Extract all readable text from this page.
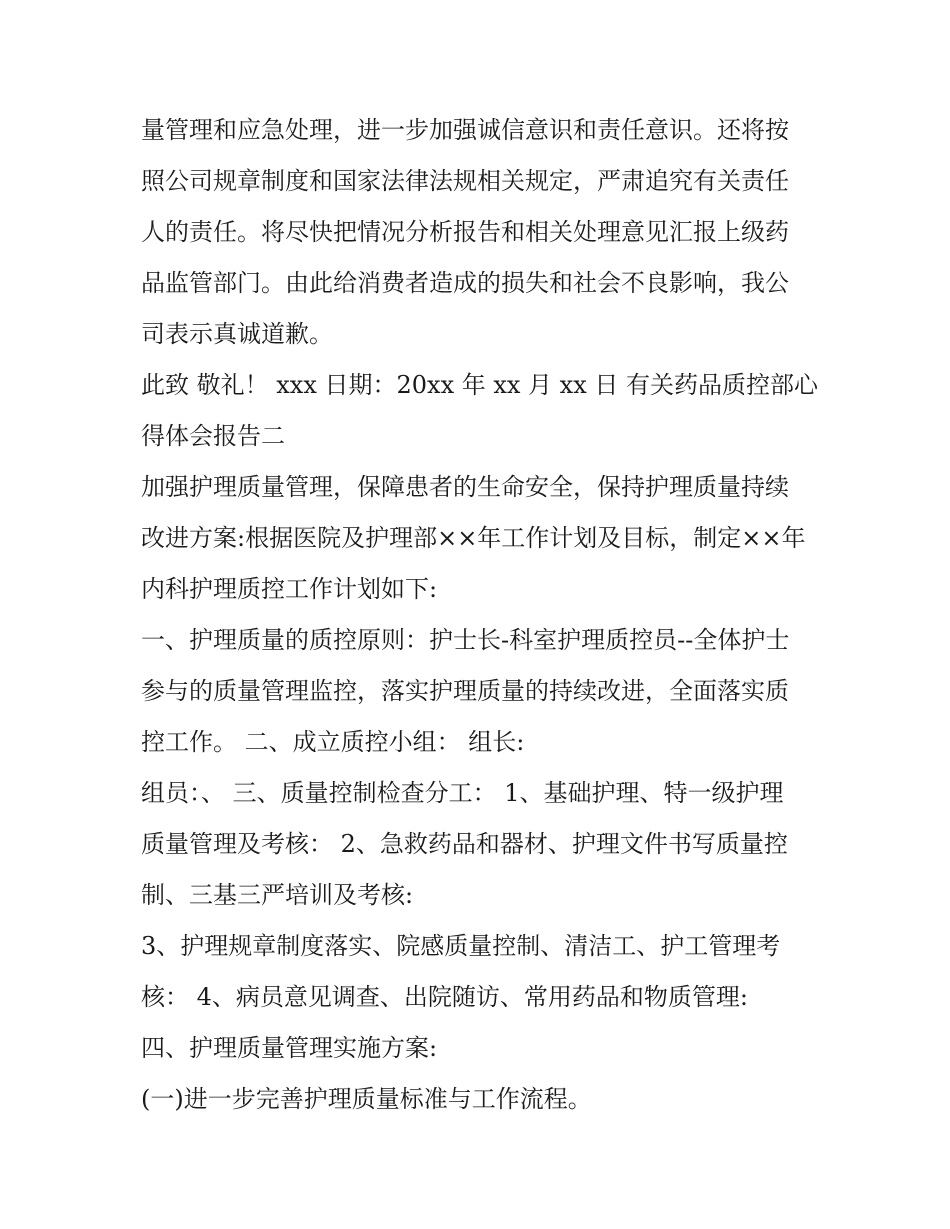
量管理和应急处理，进一步加强诚信意识和责任意识。还将按
照公司规章制度和国家法律法规相关规定，严肃追究有关责任
人的责任。将尽快把情况分析报告和相关处理意见汇报上级药
品监管部门。由此给消费者造成的损失和社会不良影响，我公
司表示真诚道歉。

此致 敬礼！ xxx 日期：20xx 年 xx 月 xx 日 有关药品质控部心
得体会报告二

加强护理质量管理，保障患者的生命安全，保持护理质量持续
改进方案:根据医院及护理部××年工作计划及目标，制定××年
内科护理质控工作计划如下:

一、护理质量的质控原则：护士长-科室护理质控员--全体护士
参与的质量管理监控，落实护理质量的持续改进，全面落实质
控工作。 二、成立质控小组： 组长:

组员：、 三、质量控制检查分工： 1、基础护理、特一级护理
质量管理及考核： 2、急救药品和器材、护理文件书写质量控
制、三基三严培训及考核:

3、护理规章制度落实、院感质量控制、清洁工、护工管理考
核： 4、病员意见调查、出院随访、常用药品和物质管理:

四、护理质量管理实施方案:

(一)进一步完善护理质量标准与工作流程。
